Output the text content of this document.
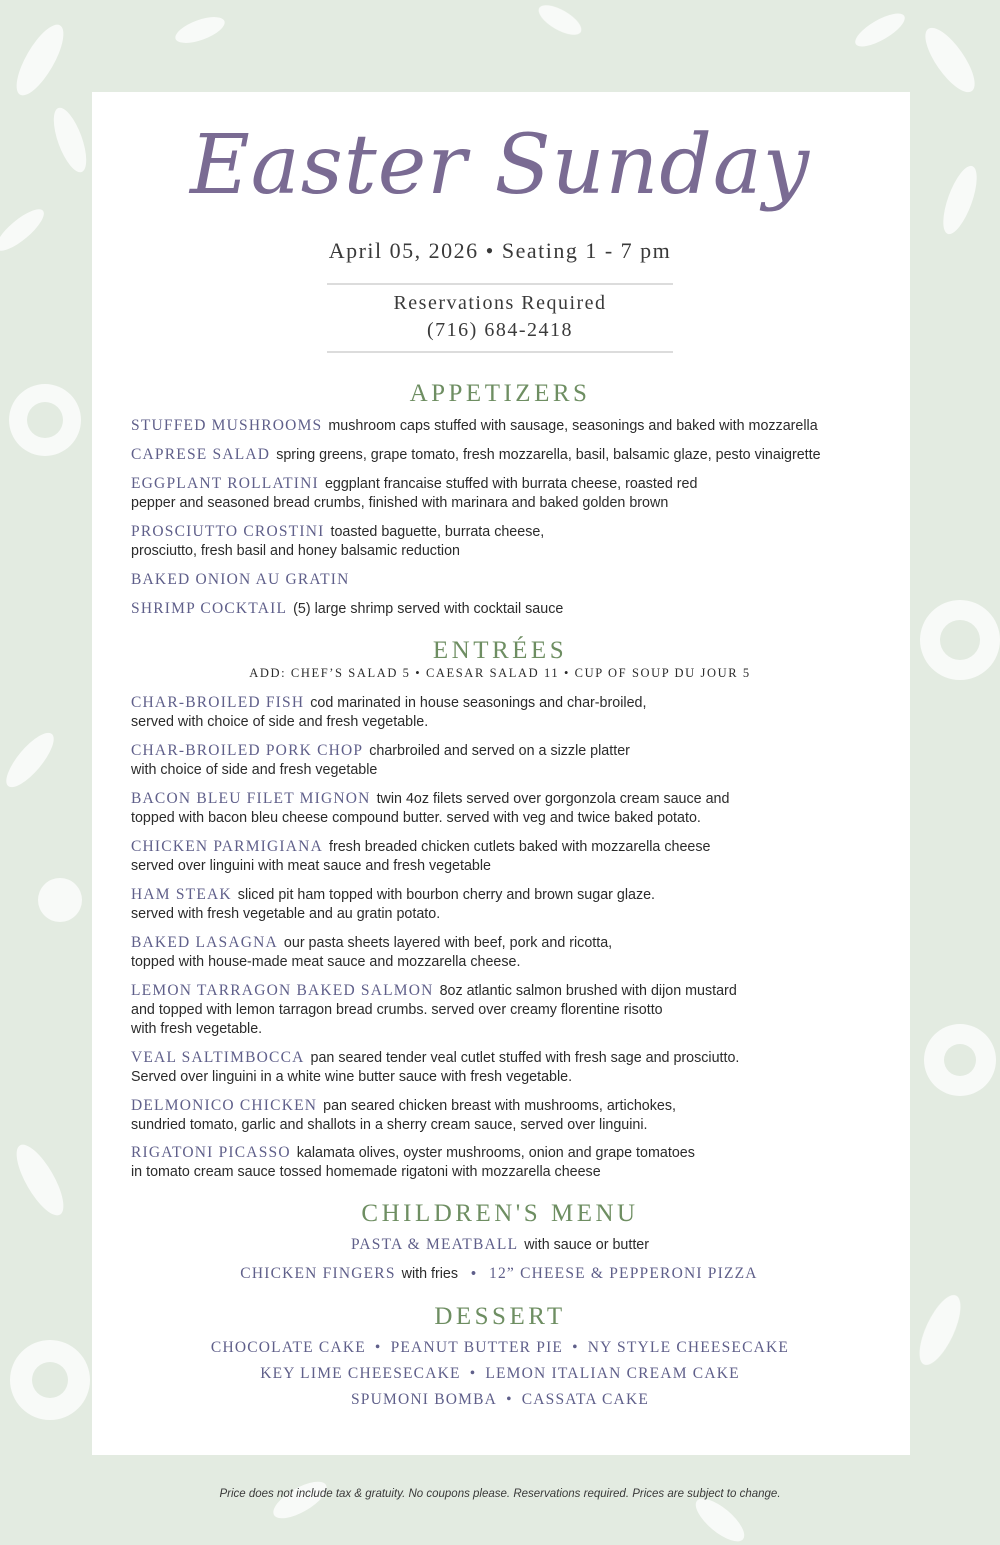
Easter Sunday
April 05, 2026 • Seating 1 - 7 pm
Reservations Required
(716) 684-2418
APPETIZERS
STUFFED MUSHROOMS mushroom caps stuffed with sausage, seasonings and baked with mozzarella
CAPRESE SALAD spring greens, grape tomato, fresh mozzarella, basil, balsamic glaze, pesto vinaigrette
EGGPLANT ROLLATINI eggplant francaise stuffed with burrata cheese, roasted red
pepper and seasoned bread crumbs, finished with marinara and baked golden brown
PROSCIUTTO CROSTINI toasted baguette, burrata cheese,
prosciutto, fresh basil and honey balsamic reduction
BAKED ONION AU GRATIN
SHRIMP COCKTAIL (5) large shrimp served with cocktail sauce
ENTRÉES
ADD: CHEF’S SALAD 5 • CAESAR SALAD 11 • CUP OF SOUP DU JOUR 5
CHAR-BROILED FISH cod marinated in house seasonings and char-broiled,
served with choice of side and fresh vegetable.
CHAR-BROILED PORK CHOP charbroiled and served on a sizzle platter
with choice of side and fresh vegetable
BACON BLEU FILET MIGNON twin 4oz filets served over gorgonzola cream sauce and
topped with bacon bleu cheese compound butter. served with veg and twice baked potato.
CHICKEN PARMIGIANA fresh breaded chicken cutlets baked with mozzarella cheese
served over linguini with meat sauce and fresh vegetable
HAM STEAK sliced pit ham topped with bourbon cherry and brown sugar glaze.
served with fresh vegetable and au gratin potato.
BAKED LASAGNA our pasta sheets layered with beef, pork and ricotta,
topped with house-made meat sauce and mozzarella cheese.
LEMON TARRAGON BAKED SALMON 8oz atlantic salmon brushed with dijon mustard
and topped with lemon tarragon bread crumbs. served over creamy florentine risotto
with fresh vegetable.
VEAL SALTIMBOCCA pan seared tender veal cutlet stuffed with fresh sage and prosciutto.
Served over linguini in a white wine butter sauce with fresh vegetable.
DELMONICO CHICKEN pan seared chicken breast with mushrooms, artichokes,
sundried tomato, garlic and shallots in a sherry cream sauce, served over linguini.
RIGATONI PICASSO kalamata olives, oyster mushrooms, onion and grape tomatoes
in tomato cream sauce tossed homemade rigatoni with mozzarella cheese
CHILDREN'S MENU
PASTA & MEATBALL with sauce or butter
CHICKEN FINGERS with fries • 12” CHEESE & PEPPERONI PIZZA
DESSERT
CHOCOLATE CAKE • PEANUT BUTTER PIE • NY STYLE CHEESECAKE
KEY LIME CHEESECAKE • LEMON ITALIAN CREAM CAKE
SPUMONI BOMBA • CASSATA CAKE
Price does not include tax & gratuity. No coupons please. Reservations required. Prices are subject to change.
